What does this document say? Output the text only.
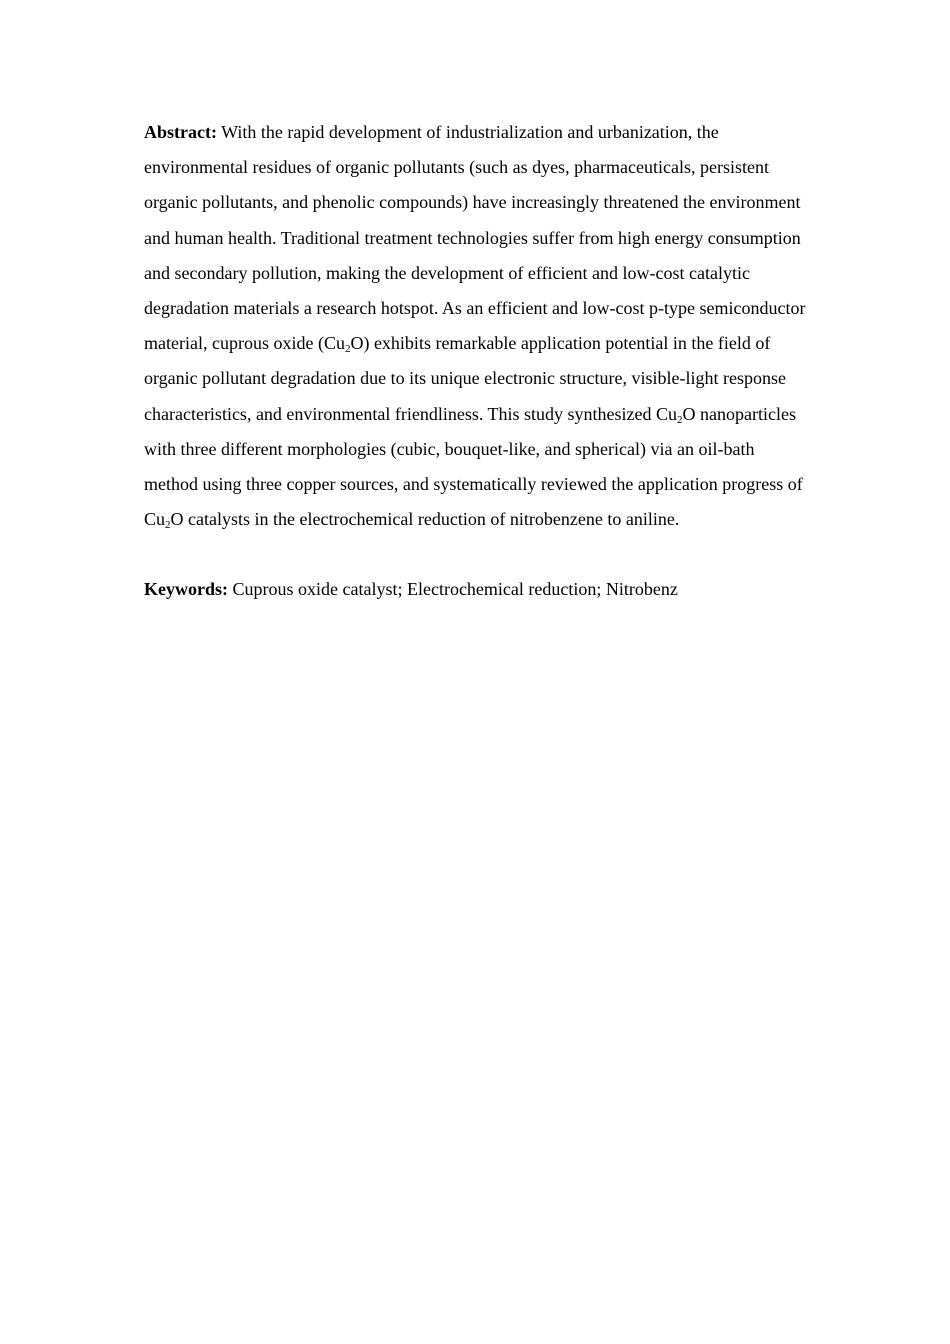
Abstract: With the rapid development of industrialization and urbanization, the environmental residues of organic pollutants (such as dyes, pharmaceuticals, persistent organic pollutants, and phenolic compounds) have increasingly threatened the environment and human health. Traditional treatment technologies suffer from high energy consumption and secondary pollution, making the development of efficient and low-cost catalytic degradation materials a research hotspot. As an efficient and low-cost p-type semiconductor material, cuprous oxide $(Cu_2O)$ exhibits remarkable application potential in the field of organic pollutant degradation due to its unique electronic structure, visible-light response characteristics, and environmental friendliness. This study synthesized $Cu_2O$ nanoparticles with three different morphologies (cubic, bouquet-like, and spherical) via an oil-bath method using three copper sources, and systematically reviewed the application progress of $Cu_2O$ catalysts in the electrochemical reduction of nitrobenzene to aniline.

Keywords: Cuprous oxide catalyst; Electrochemical reduction; Nitrobenz
